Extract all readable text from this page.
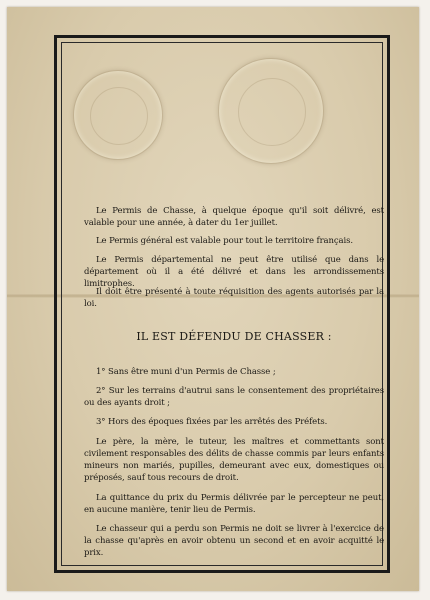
Le Permis de Chasse, à quelque époque qu'il soit délivré, est valable pour une année, à dater du 1er juillet.
Le Permis général est valable pour tout le territoire français.
Le Permis départemental ne peut être utilisé que dans le département où il a été délivré et dans les arrondissements limitrophes.
Il doit être présenté à toute réquisition des agents autorisés par la loi.
IL EST DÉFENDU DE CHASSER :
1° Sans être muni d'un Permis de Chasse ;
2° Sur les terrains d'autrui sans le consentement des propriétaires ou des ayants droit ;
3° Hors des époques fixées par les arrêtés des Préfets.
Le père, la mère, le tuteur, les maîtres et commettants sont civilement responsables des délits de chasse commis par leurs enfants mineurs non mariés, pupilles, demeurant avec eux, domestiques ou préposés, sauf tous recours de droit.
La quittance du prix du Permis délivrée par le percepteur ne peut, en aucune manière, tenir lieu de Permis.
Le chasseur qui a perdu son Permis ne doit se livrer à l'exercice de la chasse qu'après en avoir obtenu un second et en avoir acquitté le prix.
